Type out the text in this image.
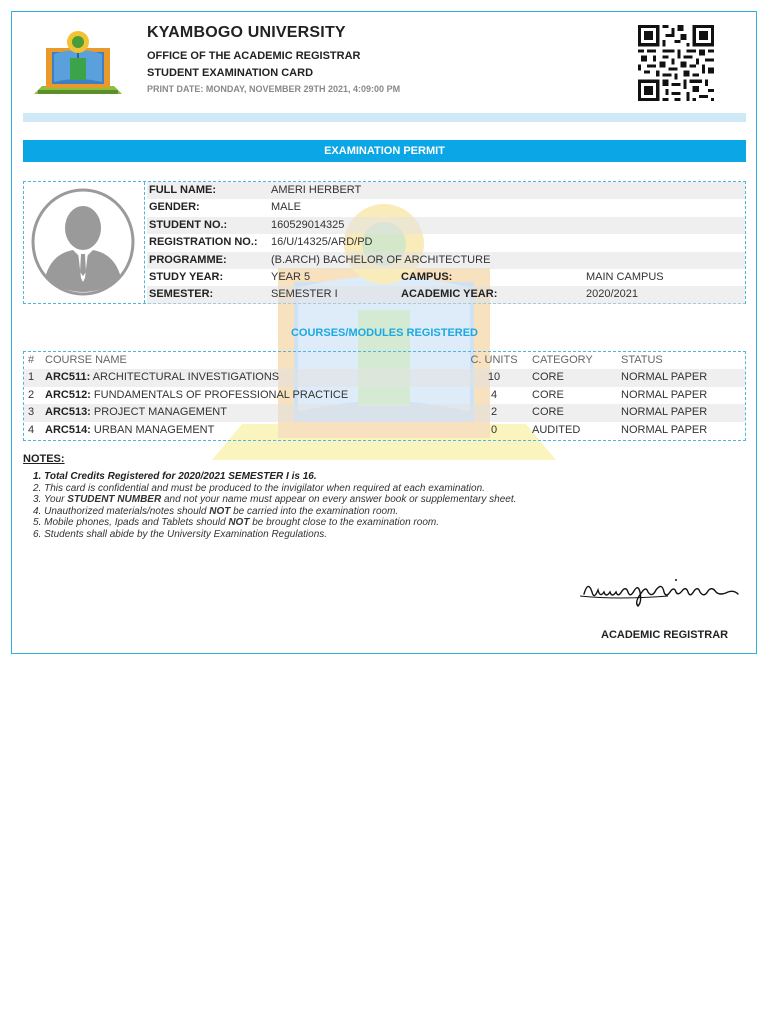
KYAMBOGO UNIVERSITY
OFFICE OF THE ACADEMIC REGISTRAR
STUDENT EXAMINATION CARD
PRINT DATE: MONDAY, NOVEMBER 29TH 2021, 4:09:00 PM
EXAMINATION PERMIT
FULL NAME:	AMERI HERBERT
GENDER:	MALE
STUDENT NO.:	160529014325
REGISTRATION NO.: 16/U/14325/ARD/PD
PROGRAMME:	(B.ARCH) BACHELOR OF ARCHITECTURE
STUDY YEAR:	YEAR 5	CAMPUS:	MAIN CAMPUS
SEMESTER:	SEMESTER I	ACADEMIC YEAR:	2020/2021
COURSES/MODULES REGISTERED
# COURSE NAME	C. UNITS	CATEGORY	STATUS
1 ARC511: ARCHITECTURAL INVESTIGATIONS	10	CORE	NORMAL PAPER
2 ARC512: FUNDAMENTALS OF PROFESSIONAL PRACTICE	4	CORE	NORMAL PAPER
3 ARC513: PROJECT MANAGEMENT	2	CORE	NORMAL PAPER
4 ARC514: URBAN MANAGEMENT	0	AUDITED	NORMAL PAPER
NOTES:
1. Total Credits Registered for 2020/2021 SEMESTER I is 16.
2. This card is confidential and must be produced to the invigilator when required at each examination.
3. Your STUDENT NUMBER and not your name must appear on every answer book or supplementary sheet.
4. Unauthorized materials/notes should NOT be carried into the examination room.
5. Mobile phones, Ipads and Tablets should NOT be brought close to the examination room.
6. Students shall abide by the University Examination Regulations.
ACADEMIC REGISTRAR
